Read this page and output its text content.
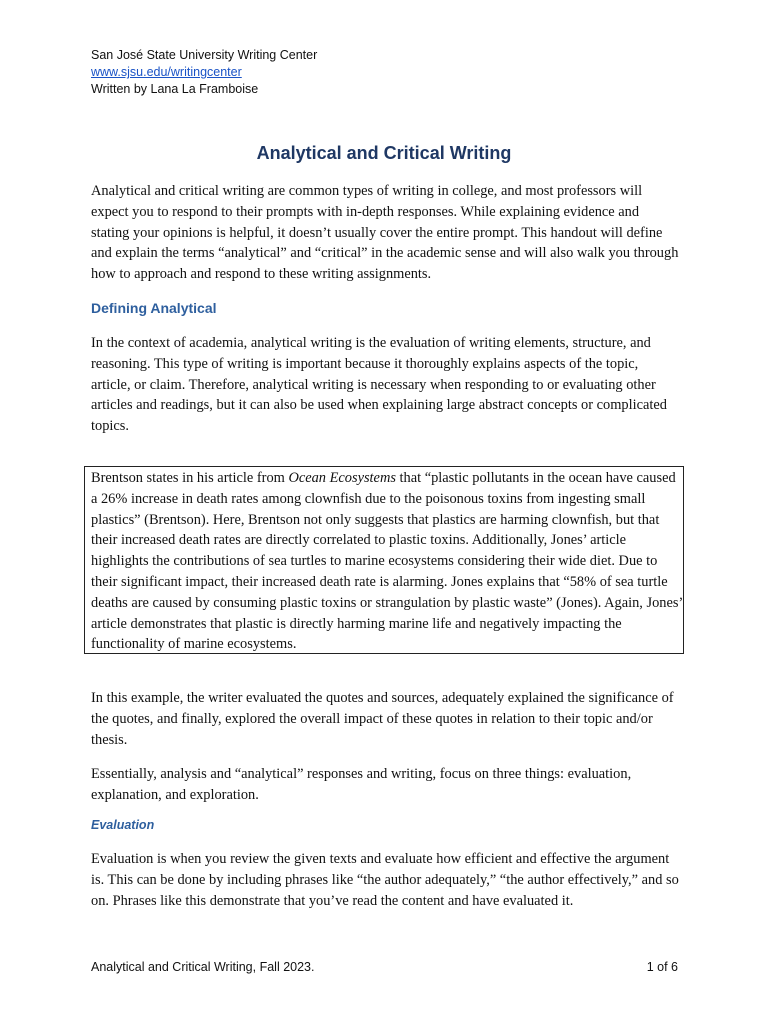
San José State University Writing Center
www.sjsu.edu/writingcenter
Written by Lana La Framboise
Analytical and Critical Writing

Analytical and critical writing are common types of writing in college, and most professors will expect you to respond to their prompts with in-depth responses. While explaining evidence and stating your opinions is helpful, it doesn’t usually cover the entire prompt. This handout will define and explain the terms “analytical” and “critical” in the academic sense and will also walk you through how to approach and respond to these writing assignments.

Defining Analytical

In the context of academia, analytical writing is the evaluation of writing elements, structure, and reasoning. This type of writing is important because it thoroughly explains aspects of the topic, article, or claim. Therefore, analytical writing is necessary when responding to or evaluating other articles and readings, but it can also be used when explaining large abstract concepts or complicated topics.

Brentson states in his article from Ocean Ecosystems that “plastic pollutants in the ocean have caused a 26% increase in death rates among clownfish due to the poisonous toxins from ingesting small plastics” (Brentson). Here, Brentson not only suggests that plastics are harming clownfish, but that their increased death rates are directly correlated to plastic toxins. Additionally, Jones’ article highlights the contributions of sea turtles to marine ecosystems considering their wide diet. Due to their significant impact, their increased death rate is alarming. Jones explains that “58% of sea turtle deaths are caused by consuming plastic toxins or strangulation by plastic waste” (Jones). Again, Jones’ article demonstrates that plastic is directly harming marine life and negatively impacting the functionality of marine ecosystems.

In this example, the writer evaluated the quotes and sources, adequately explained the significance of the quotes, and finally, explored the overall impact of these quotes in relation to their topic and/or thesis.

Essentially, analysis and “analytical” responses and writing, focus on three things: evaluation, explanation, and exploration.

Evaluation

Evaluation is when you review the given texts and evaluate how efficient and effective the argument is. This can be done by including phrases like “the author adequately,” “the author effectively,” and so on. Phrases like this demonstrate that you’ve read the content and have evaluated it.

Analytical and Critical Writing, Fall 2023.	1 of 6
